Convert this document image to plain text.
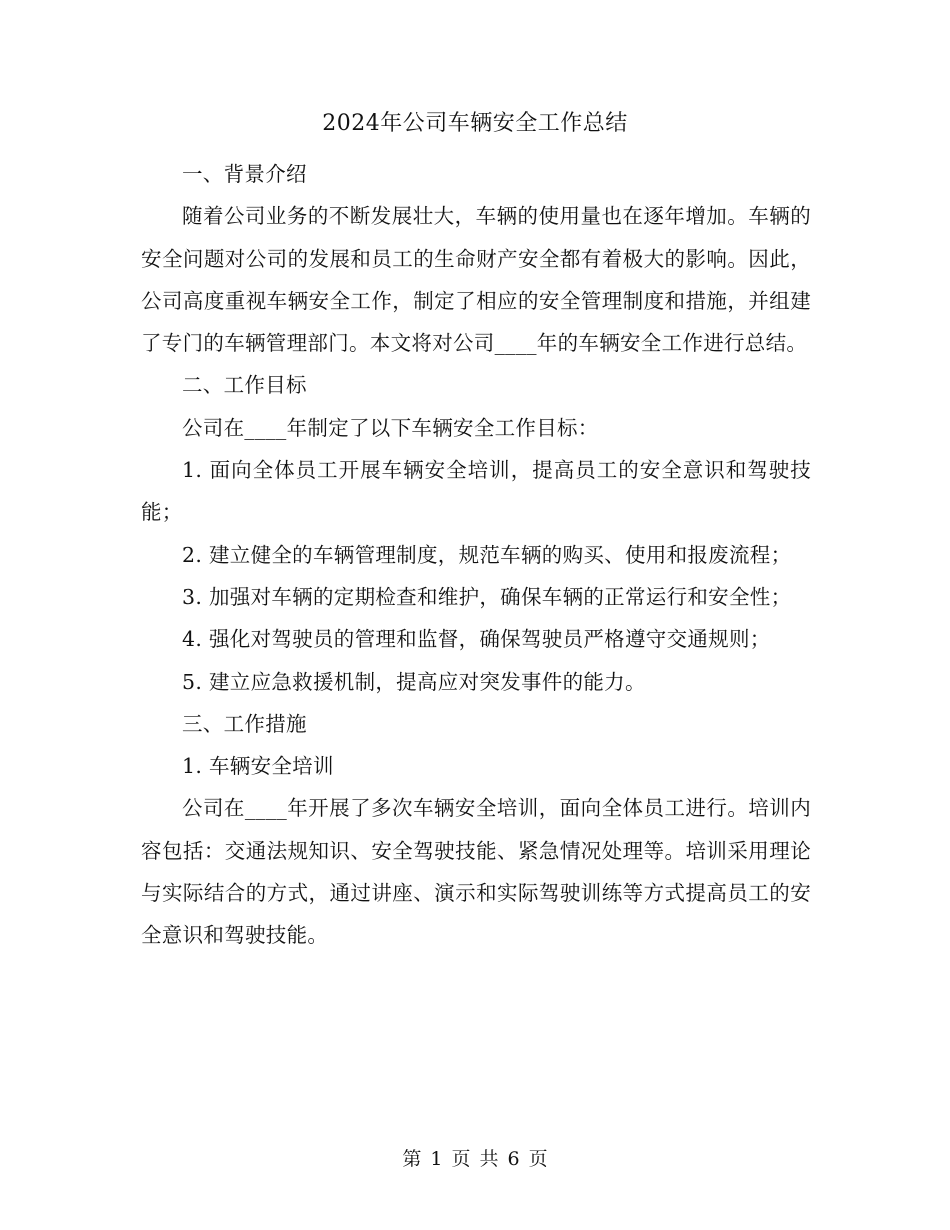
2024年公司车辆安全工作总结

一、背景介绍

随着公司业务的不断发展壮大，车辆的使用量也在逐年增加。车辆的安全问题对公司的发展和员工的生命财产安全都有着极大的影响。因此，公司高度重视车辆安全工作，制定了相应的安全管理制度和措施，并组建了专门的车辆管理部门。本文将对公司____年的车辆安全工作进行总结。

二、工作目标

公司在____年制定了以下车辆安全工作目标：

1. 面向全体员工开展车辆安全培训，提高员工的安全意识和驾驶技能；

2. 建立健全的车辆管理制度，规范车辆的购买、使用和报废流程；

3. 加强对车辆的定期检查和维护，确保车辆的正常运行和安全性；

4. 强化对驾驶员的管理和监督，确保驾驶员严格遵守交通规则；

5. 建立应急救援机制，提高应对突发事件的能力。

三、工作措施

1. 车辆安全培训

公司在____年开展了多次车辆安全培训，面向全体员工进行。培训内容包括：交通法规知识、安全驾驶技能、紧急情况处理等。培训采用理论与实际结合的方式，通过讲座、演示和实际驾驶训练等方式提高员工的安全意识和驾驶技能。

第 1 页 共 6 页
